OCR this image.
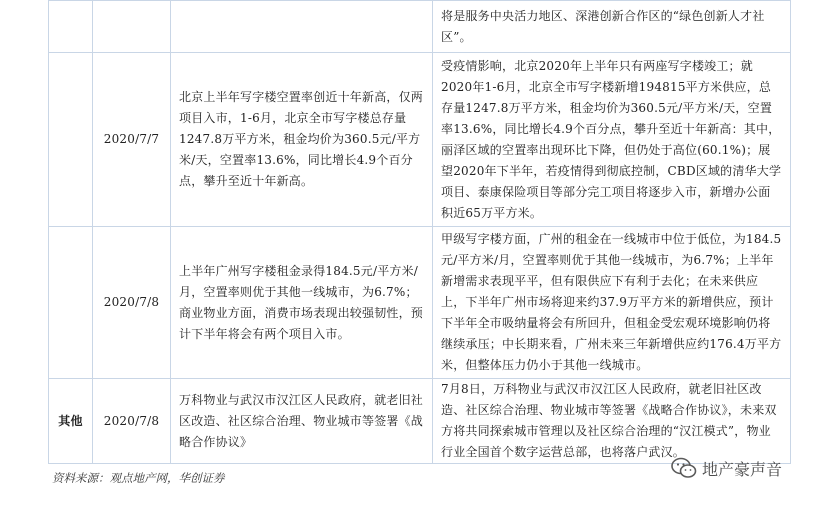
			将是服务中央活力地区、深港创新合作区的“绿色创新人才社区”。
	2020/7/7	北京上半年写字楼空置率创近十年新高，仅两项目入市，1-6月，北京全市写字楼总存量1247.8万平方米，租金均价为360.5元/平方米/天，空置率13.6%，同比增长4.9个百分点，攀升至近十年新高。	受疫情影响，北京2020年上半年只有两座写字楼竣工；就2020年1-6月，北京全市写字楼新增194815平方米供应，总存量1247.8万平方米，租金均价为360.5元/平方米/天，空置率13.6%，同比增长4.9个百分点，攀升至近十年新高：其中，丽泽区域的空置率出现环比下降，但仍处于高位(60.1%)；展望2020年下半年，若疫情得到彻底控制，CBD区域的清华大学项目、泰康保险项目等部分完工项目将逐步入市，新增办公面积近65万平方米。
	2020/7/8	上半年广州写字楼租金录得184.5元/平方米/月，空置率则优于其他一线城市，为6.7%；商业物业方面，消费市场表现出较强韧性，预计下半年将会有两个项目入市。	甲级写字楼方面，广州的租金在一线城市中位于低位，为184.5元/平方米/月，空置率则优于其他一线城市，为6.7%；上半年新增需求表现平平，但有限供应下有利于去化；在未来供应上，下半年广州市场将迎来约37.9万平方米的新增供应，预计下半年全市吸纳量将会有所回升，但租金受宏观环境影响仍将继续承压；中长期来看，广州未来三年新增供应约176.4万平方米，但整体压力仍小于其他一线城市。
其他	2020/7/8	万科物业与武汉市汉江区人民政府，就老旧社区改造、社区综合治理、物业城市等签署《战略合作协议》	7月8日，万科物业与武汉市汉江区人民政府，就老旧社区改造、社区综合治理、物业城市等签署《战略合作协议》，未来双方将共同探索城市管理以及社区综合治理的“汉江模式”，物业行业全国首个数字运营总部，也将落户武汉。
资料来源：观点地产网，华创证券	地产豪声音
